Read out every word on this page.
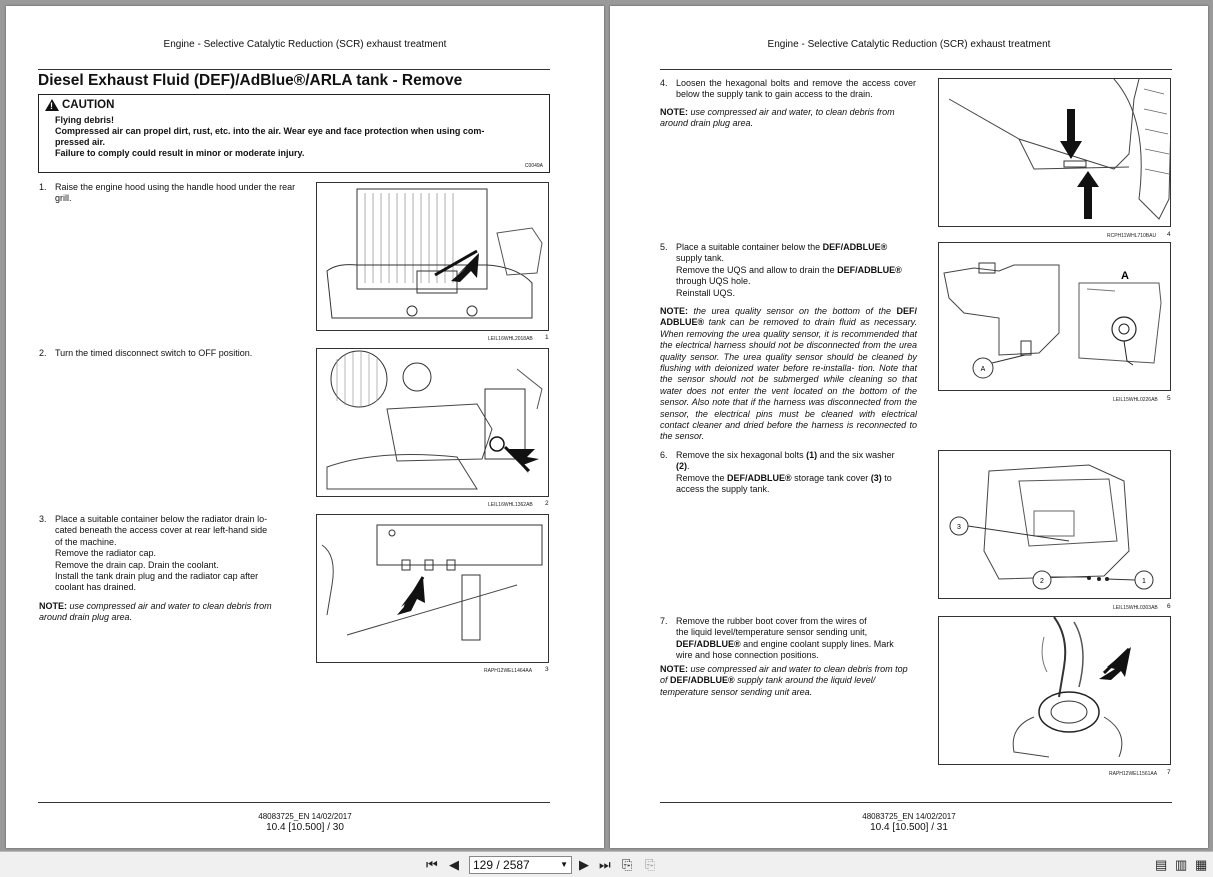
Engine - Selective Catalytic Reduction (SCR) exhaust treatment
Diesel Exhaust Fluid (DEF)/AdBlue®/ARLA tank - Remove
! CAUTION
Flying debris!
Compressed air can propel dirt, rust, etc. into the air. Wear eye and face protection when using com-
pressed air.
Failure to comply could result in minor or moderate injury.
C0049A
1. Raise the engine hood using the handle hood under the rear grill.
LEIL16WHL2018AB 1
2. Turn the timed disconnect switch to OFF position.
LEIL16WHL1362AB 2
3. Place a suitable container below the radiator drain lo-
cated beneath the access cover at rear left-hand side
of the machine.
Remove the radiator cap.
Remove the drain cap. Drain the coolant.
Install the tank drain plug and the radiator cap after
coolant has drained.
NOTE: use compressed air and water to clean debris from around drain plug area.
RAPH12WEL1464AA 3
48083725_EN 14/02/2017
10.4 [10.500] / 30
Engine - Selective Catalytic Reduction (SCR) exhaust treatment
4. Loosen the hexagonal bolts and remove the access cover below the supply tank to gain access to the drain.
NOTE: use compressed air and water, to clean debris from around drain plug area.
RCPH11WHL710BAU 4
5. Place a suitable container below the DEF/ADBLUE®
supply tank.
Remove the UQS and allow to drain the DEF/ADBLUE®
through UQS hole.
Reinstall UQS.
NOTE: the urea quality sensor on the bottom of the DEF/ ADBLUE® tank can be removed to drain fluid as necessary. When removing the urea quality sensor, it is recommended that the electrical harness should not be disconnected from the urea quality sensor. The urea quality sensor should be cleaned by flushing with deionized water before re-installa- tion. Note that the sensor should not be submerged while cleaning so that water does not enter the vent located on the bottom of the sensor. Also note that if the harness was disconnected from the sensor, the electrical pins must be cleaned with electrical contact cleaner and dried before the harness is reconnected to the sensor.
A
A
LEIL15WHL0226AB 5
6. Remove the six hexagonal bolts (1) and the six washer
(2).
Remove the DEF/ADBLUE® storage tank cover (3) to
access the supply tank.
3
2	1
LEIL15WHL0303AB 6
7. Remove the rubber boot cover from the wires of
the liquid level/temperature sensor sending unit,
DEF/ADBLUE® and engine coolant supply lines. Mark
wire and hose connection positions.
NOTE: use compressed air and water to clean debris from top of DEF/ADBLUE® supply tank around the liquid level/ temperature sensor sending unit area.
RAPH12WEL1561AA 7
48083725_EN 14/02/2017
10.4 [10.500] / 31
⏮ ◀	129 / 2587	▼ ▶ ⏭ ⎘ ⎘	▤ ▥ ▦
